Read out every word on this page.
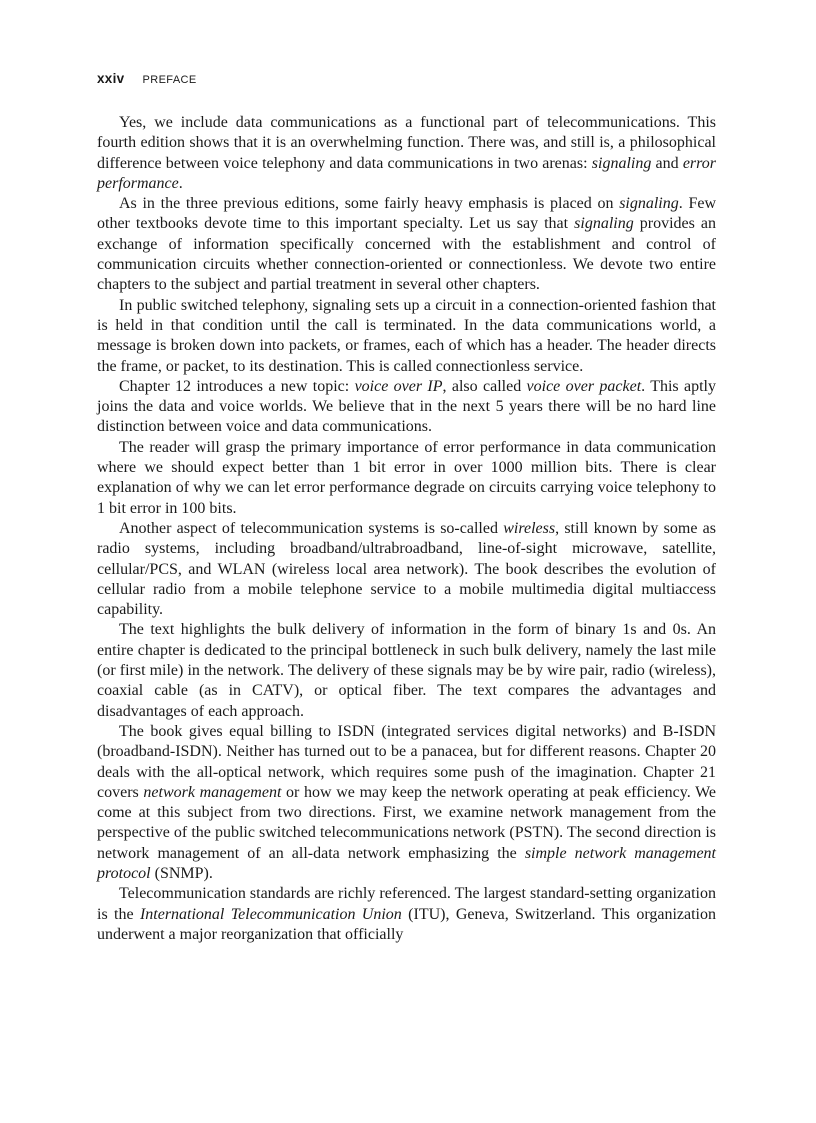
xxiv PREFACE

Yes, we include data communications as a functional part of telecommunications. This fourth edition shows that it is an overwhelming function. There was, and still is, a philosophical difference between voice telephony and data communications in two arenas: signaling and error performance.

As in the three previous editions, some fairly heavy emphasis is placed on signaling. Few other textbooks devote time to this important specialty. Let us say that signaling provides an exchange of information specifically concerned with the establishment and control of communication circuits whether connection-oriented or connectionless. We devote two entire chapters to the subject and partial treatment in several other chapters.

In public switched telephony, signaling sets up a circuit in a connection-oriented fashion that is held in that condition until the call is terminated. In the data communications world, a message is broken down into packets, or frames, each of which has a header. The header directs the frame, or packet, to its destination. This is called connectionless service.

Chapter 12 introduces a new topic: voice over IP, also called voice over packet. This aptly joins the data and voice worlds. We believe that in the next 5 years there will be no hard line distinction between voice and data communications.

The reader will grasp the primary importance of error performance in data communication where we should expect better than 1 bit error in over 1000 million bits. There is clear explanation of why we can let error performance degrade on circuits carrying voice telephony to 1 bit error in 100 bits.

Another aspect of telecommunication systems is so-called wireless, still known by some as radio systems, including broadband/ultrabroadband, line-of-sight microwave, satellite, cellular/PCS, and WLAN (wireless local area network). The book describes the evolution of cellular radio from a mobile telephone service to a mobile multimedia digital multiaccess capability.

The text highlights the bulk delivery of information in the form of binary 1s and 0s. An entire chapter is dedicated to the principal bottleneck in such bulk delivery, namely the last mile (or first mile) in the network. The delivery of these signals may be by wire pair, radio (wireless), coaxial cable (as in CATV), or optical fiber. The text compares the advantages and disadvantages of each approach.

The book gives equal billing to ISDN (integrated services digital networks) and B-ISDN (broadband-ISDN). Neither has turned out to be a panacea, but for different reasons. Chapter 20 deals with the all-optical network, which requires some push of the imagination. Chapter 21 covers network management or how we may keep the network operating at peak efficiency. We come at this subject from two directions. First, we examine network management from the perspective of the public switched telecommunications network (PSTN). The second direction is network management of an all-data network emphasizing the simple network management protocol (SNMP).

Telecommunication standards are richly referenced. The largest standard-setting organization is the International Telecommunication Union (ITU), Geneva, Switzerland. This organization underwent a major reorganization that officially
